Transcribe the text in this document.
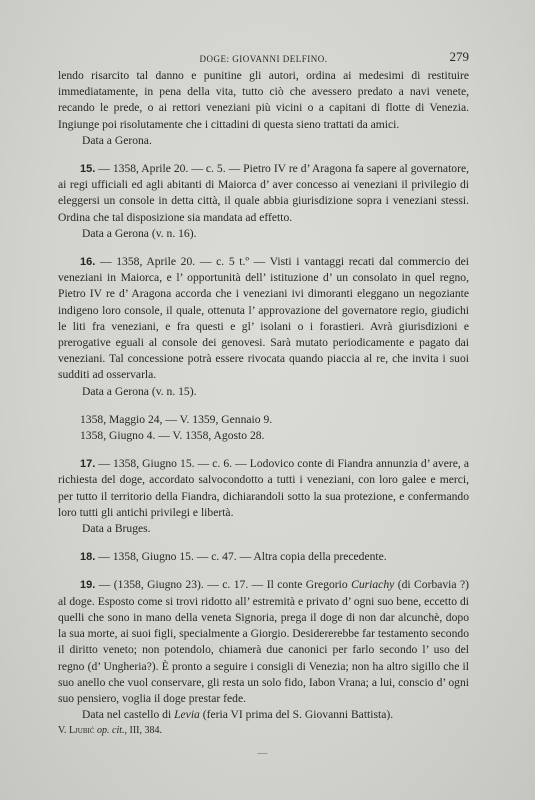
DOGE: GIOVANNI DELFINO.	279

lendo risarcito tal danno e punitine gli autori, ordina ai medesimi di restituire immediatamente, in pena della vita, tutto ciò che avessero predato a navi venete, recando le prede, o ai rettori veneziani più vicini o a capitani di flotte di Venezia. Ingiunge poi risolutamente che i cittadini di questa sieno trattati da amici.

Data a Gerona.

15. — 1358, Aprile 20. — c. 5. — Pietro IV re d’ Aragona fa sapere al governatore, ai regi ufficiali ed agli abitanti di Maiorca d’ aver concesso ai veneziani il privilegio di eleggersi un console in detta città, il quale abbia giurisdizione sopra i veneziani stessi. Ordina che tal disposizione sia mandata ad effetto.

Data a Gerona (v. n. 16).

16. — 1358, Aprile 20. — c. 5 t.º — Visti i vantaggi recati dal commercio dei veneziani in Maiorca, e l’ opportunità dell’ istituzione d’ un consolato in quel regno, Pietro IV re d’ Aragona accorda che i veneziani ivi dimoranti eleggano un negoziante indigeno loro console, il quale, ottenuta l’ approvazione del governatore regio, giudichi le liti fra veneziani, e fra questi e gl’ isolani o i forastieri. Avrà giurisdizioni e prerogative eguali al console dei genovesi. Sarà mutato periodicamente e pagato dai veneziani. Tal concessione potrà essere rivocata quando piaccia al re, che invita i suoi sudditi ad osservarla.

Data a Gerona (v. n. 15).

1358, Maggio 24, — V. 1359, Gennaio 9.

1358, Giugno 4. — V. 1358, Agosto 28.

17. — 1358, Giugno 15. — c. 6. — Lodovico conte di Fiandra annunzia d’ avere, a richiesta del doge, accordato salvocondotto a tutti i veneziani, con loro galee e merci, per tutto il territorio della Fiandra, dichiarandoli sotto la sua protezione, e confermando loro tutti gli antichi privilegi e libertà.

Data a Bruges.

18. — 1358, Giugno 15. — c. 47. — Altra copia della precedente.

19. — (1358, Giugno 23). — c. 17. — Il conte Gregorio Curiachy (di Corbavia ?) al doge. Esposto come si trovi ridotto all’ estremità e privato d’ ogni suo bene, eccetto di quelli che sono in mano della veneta Signoria, prega il doge di non dar alcunchè, dopo la sua morte, ai suoi figli, specialmente a Giorgio. Desidererebbe far testamento secondo il diritto veneto; non potendolo, chiamerà due canonici per farlo secondo l’ uso del regno (d’ Ungheria?). È pronto a seguire i consigli di Venezia; non ha altro sigillo che il suo anello che vuol conservare, gli resta un solo fido, Iabon Vrana; a lui, conscio d’ ogni suo pensiero, voglia il doge prestar fede.

Data nel castello di Levia (feria VI prima del S. Giovanni Battista).

V. Ljubić op. cit., III, 384.

—
